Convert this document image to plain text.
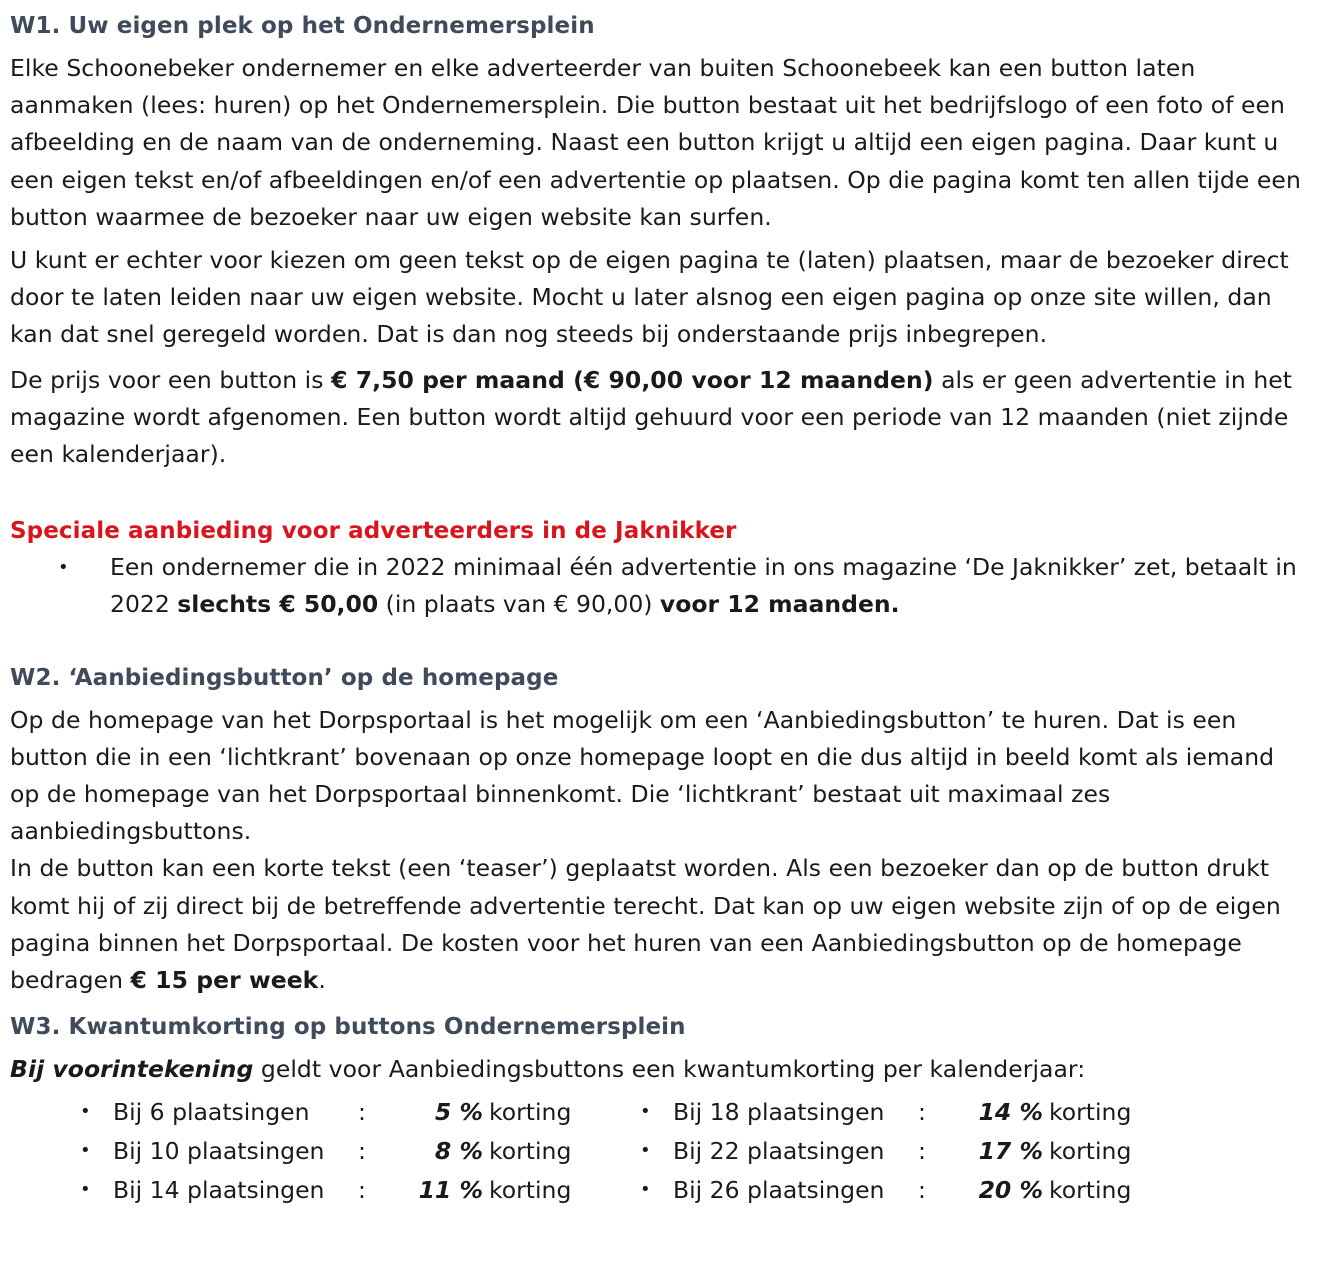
W1. Uw eigen plek op het Ondernemersplein

Elke Schoonebeker ondernemer en elke adverteerder van buiten Schoonebeek kan een button laten aanmaken (lees: huren) op het Ondernemersplein. Die button bestaat uit het bedrijfslogo of een foto of een afbeelding en de naam van de onderneming. Naast een button krijgt u altijd een eigen pagina. Daar kunt u een eigen tekst en/of afbeeldingen en/of een advertentie op plaatsen. Op die pagina komt ten allen tijde een button waarmee de bezoeker naar uw eigen website kan surfen.

U kunt er echter voor kiezen om geen tekst op de eigen pagina te (laten) plaatsen, maar de bezoeker direct door te laten leiden naar uw eigen website. Mocht u later alsnog een eigen pagina op onze site willen, dan kan dat snel geregeld worden. Dat is dan nog steeds bij onderstaande prijs inbegrepen.

De prijs voor een button is € 7,50 per maand (€ 90,00 voor 12 maanden) als er geen advertentie in het magazine wordt afgenomen. Een button wordt altijd gehuurd voor een periode van 12 maanden (niet zijnde een kalenderjaar).

Speciale aanbieding voor adverteerders in de Jaknikker
•	Een ondernemer die in 2022 minimaal één advertentie in ons magazine ‘De Jaknikker’ zet, betaalt in 2022 slechts € 50,00 (in plaats van € 90,00) voor 12 maanden.
W2. ‘Aanbiedingsbutton’ op de homepage

Op de homepage van het Dorpsportaal is het mogelijk om een ‘Aanbiedingsbutton’ te huren. Dat is een button die in een ‘lichtkrant’ bovenaan op onze homepage loopt en die dus altijd in beeld komt als iemand op de homepage van het Dorpsportaal binnenkomt. Die ‘lichtkrant’ bestaat uit maximaal zes aanbiedingsbuttons.

In de button kan een korte tekst (een ‘teaser’) geplaatst worden. Als een bezoeker dan op de button drukt komt hij of zij direct bij de betreffende advertentie terecht. Dat kan op uw eigen website zijn of op de eigen pagina binnen het Dorpsportaal. De kosten voor het huren van een Aanbiedingsbutton op de homepage bedragen € 15 per week.

W3. Kwantumkorting op buttons Ondernemersplein

Bij voorintekening geldt voor Aanbiedingsbuttons een kwantumkorting per kalenderjaar:

• Bij 6 plaatsingen	:	5 % korting
• Bij 10 plaatsingen	:	8 % korting
• Bij 14 plaatsingen	:	11 % korting
• Bij 18 plaatsingen	:	14 % korting
• Bij 22 plaatsingen	:	17 % korting
• Bij 26 plaatsingen	:	20 % korting
